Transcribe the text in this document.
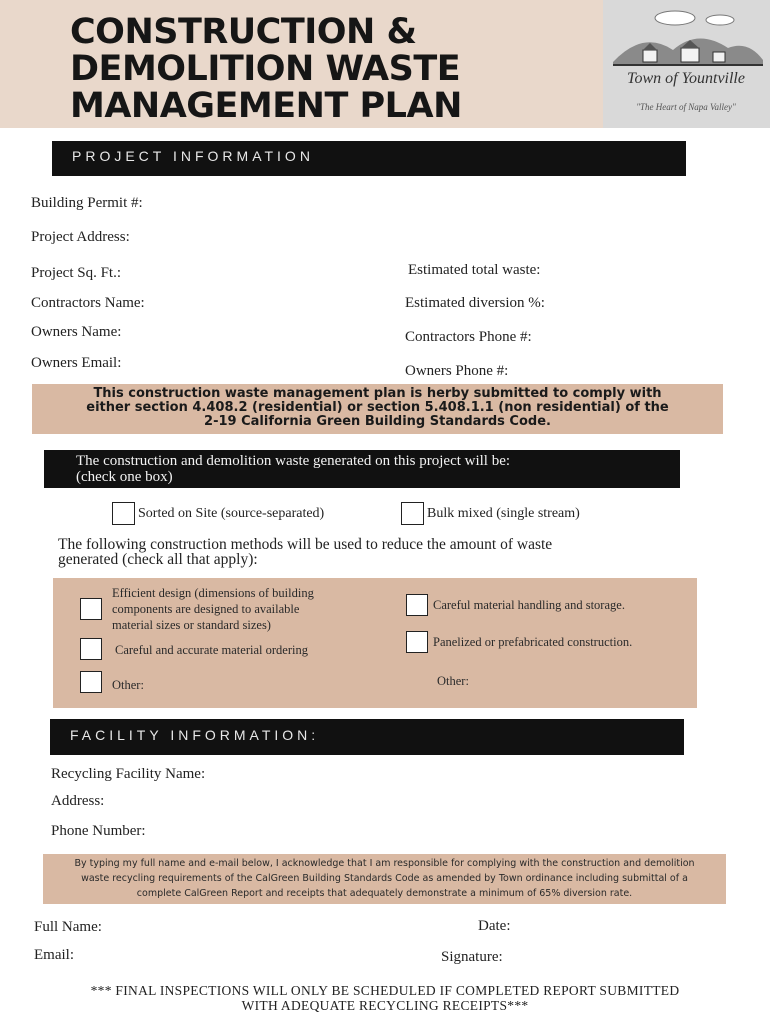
CONSTRUCTION &
DEMOLITION WASTE
MANAGEMENT PLAN
Town of Yountville
"The Heart of Napa Valley"
PROJECT INFORMATION
Building Permit #:
Project Address:
Project Sq. Ft.:
Contractors Name:
Owners Name:
Owners Email:
Estimated total waste:
Estimated diversion %:
Contractors Phone #:
Owners Phone #:
This construction waste management plan is herby submitted to comply with
either section 4.408.2 (residential) or section 5.408.1.1 (non residential) of the
2-19 California Green Building Standards Code.
The construction and demolition waste generated on this project will be:
(check one box)
Sorted on Site (source-separated)	Bulk mixed (single stream)
The following construction methods will be used to reduce the amount of waste
generated (check all that apply):
Efficient design (dimensions of building
components are designed to available
material sizes or standard sizes)
Careful and accurate material ordering
Other:
Careful material handling and storage.
Panelized or prefabricated construction.
Other:
FACILITY INFORMATION:
Recycling Facility Name:
Address:
Phone Number:
By typing my full name and e-mail below, I acknowledge that I am responsible for complying with the construction and demolition
waste recycling requirements of the CalGreen Building Standards Code as amended by Town ordinance including submittal of a
complete CalGreen Report and receipts that adequately demonstrate a minimum of 65% diversion rate.
Full Name:	Date:
Email:	Signature:
*** FINAL INSPECTIONS WILL ONLY BE SCHEDULED IF COMPLETED REPORT SUBMITTED
WITH ADEQUATE RECYCLING RECEIPTS***
